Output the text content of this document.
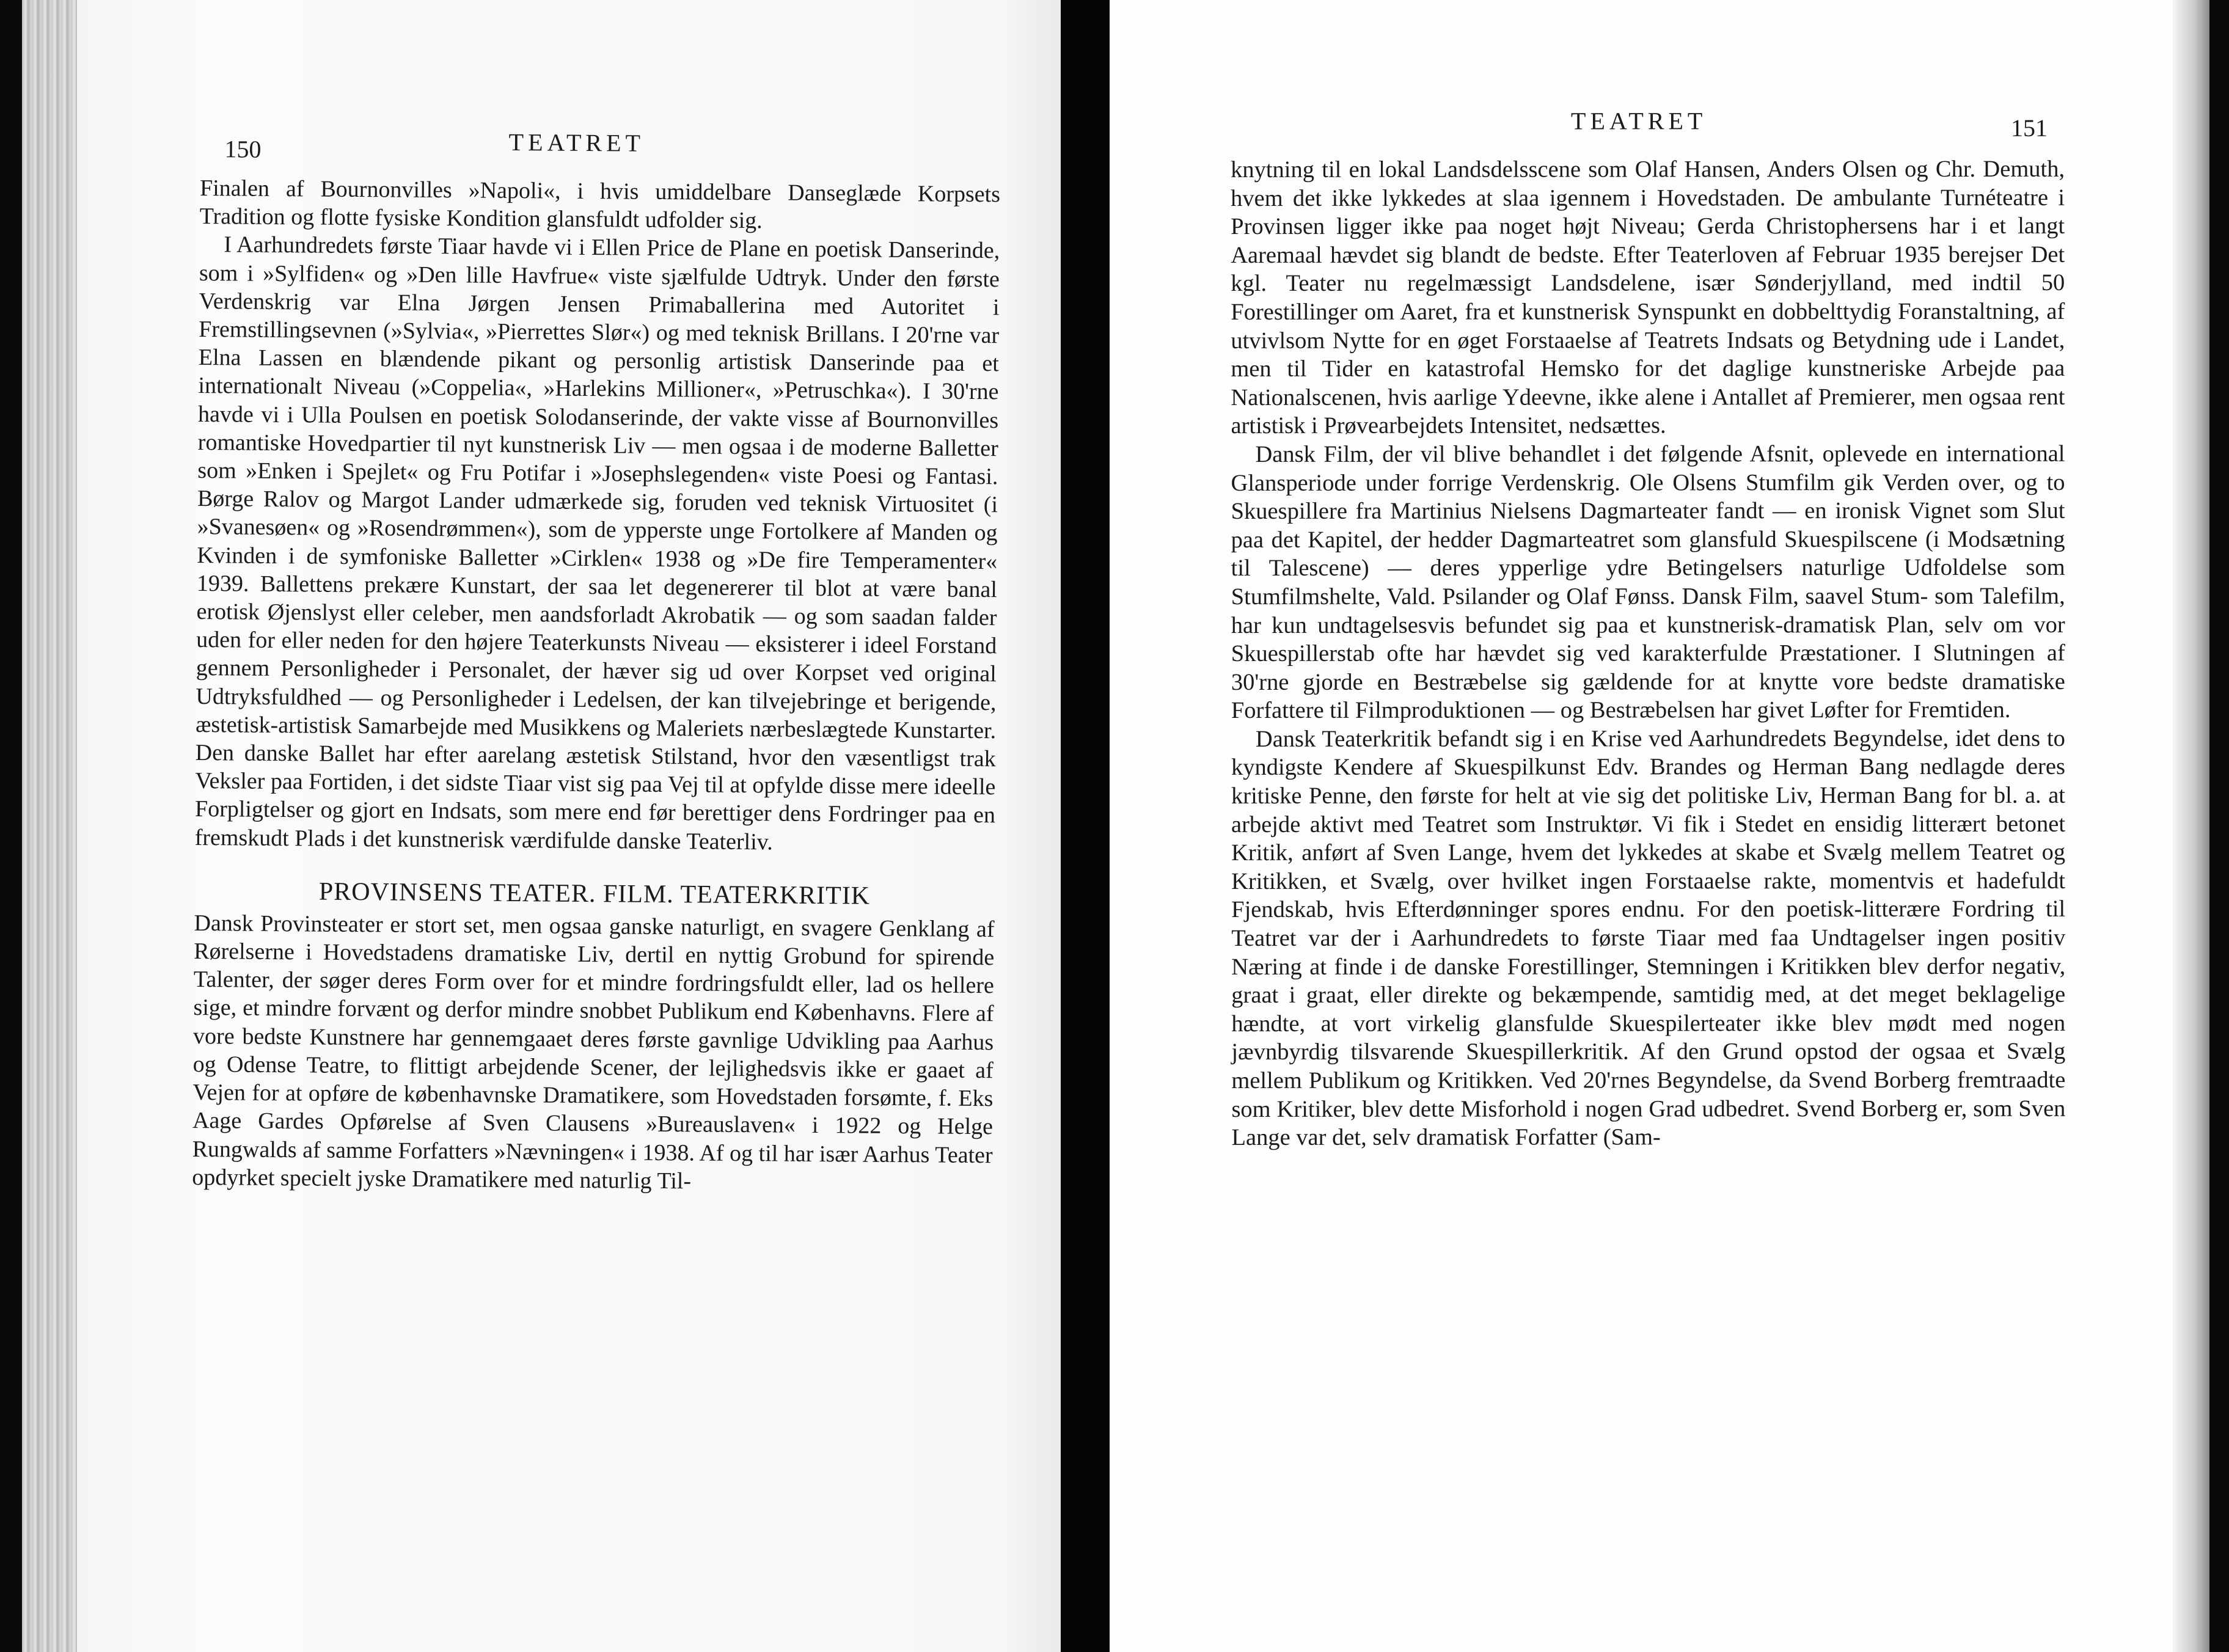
150	TEATRET

Finalen af Bournonvilles »Napoli«, i hvis umiddelbare Danseglæde Korpsets Tradition og flotte fysiske Kondition glansfuldt udfolder sig.

I Aarhundredets første Tiaar havde vi i Ellen Price de Plane en poetisk Danserinde, som i »Sylfiden« og »Den lille Havfrue« viste sjælfulde Udtryk. Under den første Verdenskrig var Elna Jørgen Jensen Primaballerina med Autoritet i Fremstillingsevnen (»Sylvia«, »Pierrettes Slør«) og med teknisk Brillans. I 20'rne var Elna Lassen en blændende pikant og personlig artistisk Danserinde paa et internationalt Niveau (»Coppelia«, »Harlekins Millioner«, »Petruschka«). I 30'rne havde vi i Ulla Poulsen en poetisk Solodanserinde, der vakte visse af Bournonvilles romantiske Hovedpartier til nyt kunstnerisk Liv — men ogsaa i de moderne Balletter som »Enken i Spejlet« og Fru Potifar i »Josephslegenden« viste Poesi og Fantasi. Børge Ralov og Margot Lander udmærkede sig, foruden ved teknisk Virtuositet (i »Svanesøen« og »Rosendrømmen«), som de ypperste unge Fortolkere af Manden og Kvinden i de symfoniske Balletter »Cirklen« 1938 og »De fire Temperamenter« 1939. Ballettens prekære Kunstart, der saa let degenererer til blot at være banal erotisk Øjenslyst eller celeber, men aandsforladt Akrobatik — og som saadan falder uden for eller neden for den højere Teaterkunsts Niveau — eksisterer i ideel Forstand gennem Personligheder i Personalet, der hæver sig ud over Korpset ved original Udtryksfuldhed — og Personligheder i Ledelsen, der kan tilvejebringe et berigende, æstetisk-artistisk Samarbejde med Musikkens og Maleriets nærbeslægtede Kunstarter. Den danske Ballet har efter aarelang æstetisk Stilstand, hvor den væsentligst trak Veksler paa Fortiden, i det sidste Tiaar vist sig paa Vej til at opfylde disse mere ideelle Forpligtelser og gjort en Indsats, som mere end før berettiger dens Fordringer paa en fremskudt Plads i det kunstnerisk værdifulde danske Teaterliv.

PROVINSENS TEATER. FILM. TEATERKRITIK

Dansk Provinsteater er stort set, men ogsaa ganske naturligt, en svagere Genklang af Rørelserne i Hovedstadens dramatiske Liv, dertil en nyttig Grobund for spirende Talenter, der søger deres Form over for et mindre fordringsfuldt eller, lad os hellere sige, et mindre forvænt og derfor mindre snobbet Publikum end Københavns. Flere af vore bedste Kunstnere har gennemgaaet deres første gavnlige Udvikling paa Aarhus og Odense Teatre, to flittigt arbejdende Scener, der lejlighedsvis ikke er gaaet af Vejen for at opføre de københavnske Dramatikere, som Hovedstaden forsømte, f. Eks Aage Gardes Opførelse af Sven Clausens »Bureauslaven« i 1922 og Helge Rungwalds af samme Forfatters »Nævningen« i 1938. Af og til har især Aarhus Teater opdyrket specielt jyske Dramatikere med naturlig Til-

TEATRET	151

knytning til en lokal Landsdelsscene som Olaf Hansen, Anders Olsen og Chr. Demuth, hvem det ikke lykkedes at slaa igennem i Hovedstaden. De ambulante Turnéteatre i Provinsen ligger ikke paa noget højt Niveau; Gerda Christophersens har i et langt Aaremaal hævdet sig blandt de bedste. Efter Teaterloven af Februar 1935 berejser Det kgl. Teater nu regelmæssigt Landsdelene, især Sønderjylland, med indtil 50 Forestillinger om Aaret, fra et kunstnerisk Synspunkt en dobbelttydig Foranstaltning, af utvivlsom Nytte for en øget Forstaaelse af Teatrets Indsats og Betydning ude i Landet, men til Tider en katastrofal Hemsko for det daglige kunstneriske Arbejde paa Nationalscenen, hvis aarlige Ydeevne, ikke alene i Antallet af Premierer, men ogsaa rent artistisk i Prøvearbejdets Intensitet, nedsættes.

Dansk Film, der vil blive behandlet i det følgende Afsnit, oplevede en international Glansperiode under forrige Verdenskrig. Ole Olsens Stumfilm gik Verden over, og to Skuespillere fra Martinius Nielsens Dagmarteater fandt — en ironisk Vignet som Slut paa det Kapitel, der hedder Dagmarteatret som glansfuld Skuespilscene (i Modsætning til Talescene) — deres ypperlige ydre Betingelsers naturlige Udfoldelse som Stumfilmshelte, Vald. Psilander og Olaf Fønss. Dansk Film, saavel Stum- som Talefilm, har kun undtagelsesvis befundet sig paa et kunstnerisk-dramatisk Plan, selv om vor Skuespillerstab ofte har hævdet sig ved karakterfulde Præstationer. I Slutningen af 30'rne gjorde en Bestræbelse sig gældende for at knytte vore bedste dramatiske Forfattere til Filmproduktionen — og Bestræbelsen har givet Løfter for Fremtiden.

Dansk Teaterkritik befandt sig i en Krise ved Aarhundredets Begyndelse, idet dens to kyndigste Kendere af Skuespilkunst Edv. Brandes og Herman Bang nedlagde deres kritiske Penne, den første for helt at vie sig det politiske Liv, Herman Bang for bl. a. at arbejde aktivt med Teatret som Instruktør. Vi fik i Stedet en ensidig litterært betonet Kritik, anført af Sven Lange, hvem det lykkedes at skabe et Svælg mellem Teatret og Kritikken, et Svælg, over hvilket ingen Forstaaelse rakte, momentvis et hadefuldt Fjendskab, hvis Efterdønninger spores endnu. For den poetisk-litterære Fordring til Teatret var der i Aarhundredets to første Tiaar med faa Undtagelser ingen positiv Næring at finde i de danske Forestillinger, Stemningen i Kritikken blev derfor negativ, graat i graat, eller direkte og bekæmpende, samtidig med, at det meget beklagelige hændte, at vort virkelig glansfulde Skuespilerteater ikke blev mødt med nogen jævnbyrdig tilsvarende Skuespillerkritik. Af den Grund opstod der ogsaa et Svælg mellem Publikum og Kritikken. Ved 20'rnes Begyndelse, da Svend Borberg fremtraadte som Kritiker, blev dette Misforhold i nogen Grad udbedret. Svend Borberg er, som Sven Lange var det, selv dramatisk Forfatter (Sam-
